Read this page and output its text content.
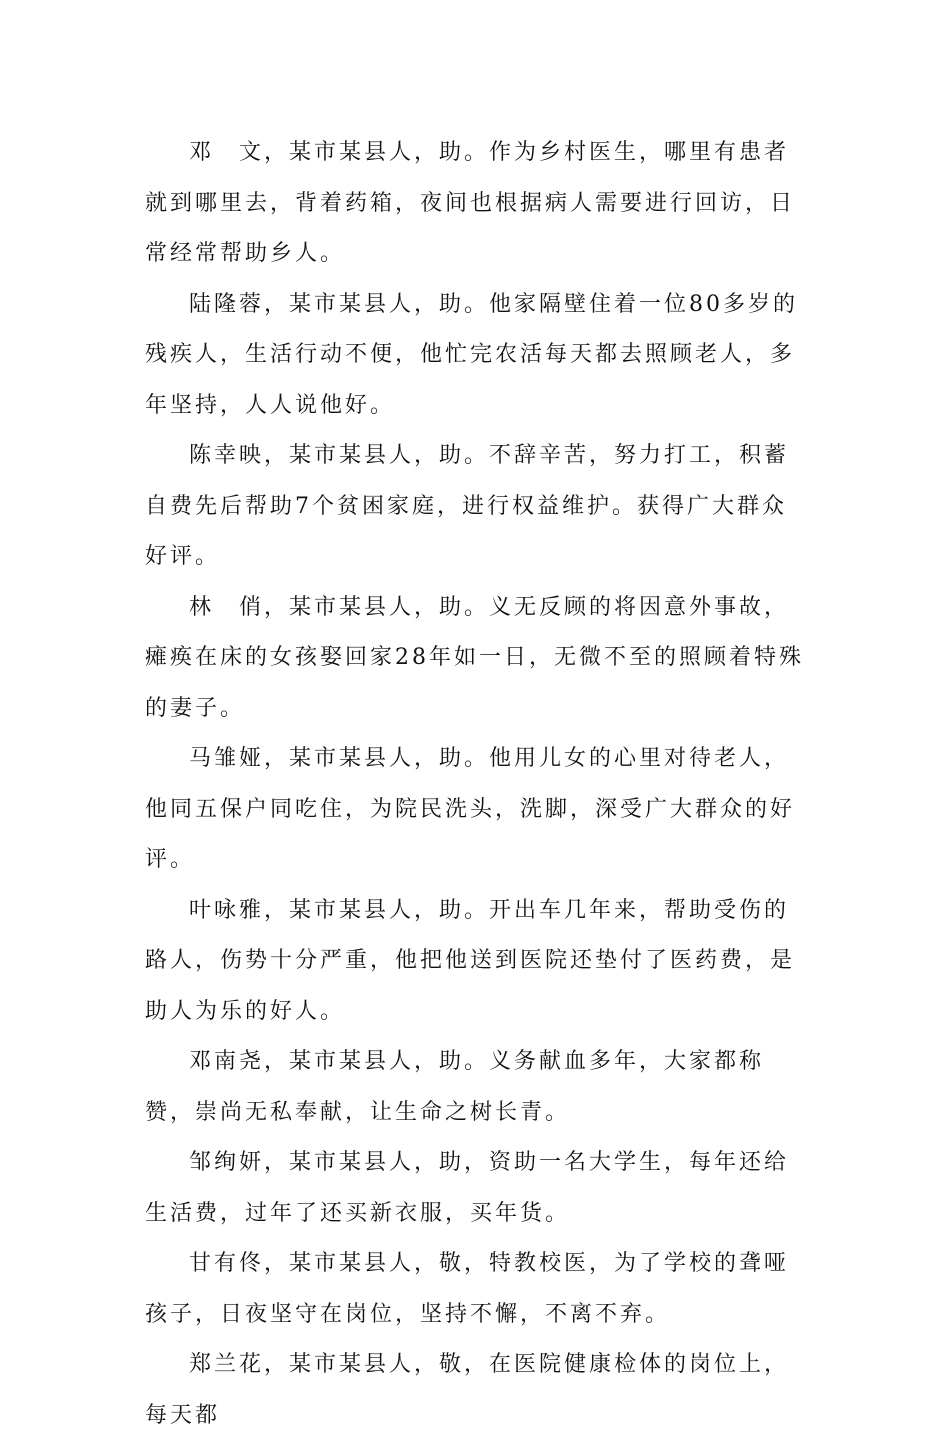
邓　文，某市某县人，助。作为乡村医生，哪里有患者就到哪里去，背着药箱，夜间也根据病人需要进行回访，日常经常帮助乡人。

陆隆蓉，某市某县人，助。他家隔壁住着一位80多岁的残疾人，生活行动不便，他忙完农活每天都去照顾老人，多年坚持，人人说他好。

陈幸映，某市某县人，助。不辞辛苦，努力打工，积蓄自费先后帮助7个贫困家庭，进行权益维护。获得广大群众好评。

林　俏，某市某县人，助。义无反顾的将因意外事故，瘫痪在床的女孩娶回家28年如一日，无微不至的照顾着特殊的妻子。

马雏娅，某市某县人，助。他用儿女的心里对待老人，他同五保户同吃住，为院民洗头，洗脚，深受广大群众的好评。

叶咏雅，某市某县人，助。开出车几年来，帮助受伤的路人，伤势十分严重，他把他送到医院还垫付了医药费，是助人为乐的好人。

邓南尧，某市某县人，助。义务献血多年，大家都称赞，崇尚无私奉献，让生命之树长青。

邹绚妍，某市某县人，助，资助一名大学生，每年还给生活费，过年了还买新衣服，买年货。

甘有佟，某市某县人，敬，特教校医，为了学校的聋哑孩子，日夜坚守在岗位，坚持不懈，不离不弃。

郑兰花，某市某县人，敬，在医院健康检体的岗位上，每天都
